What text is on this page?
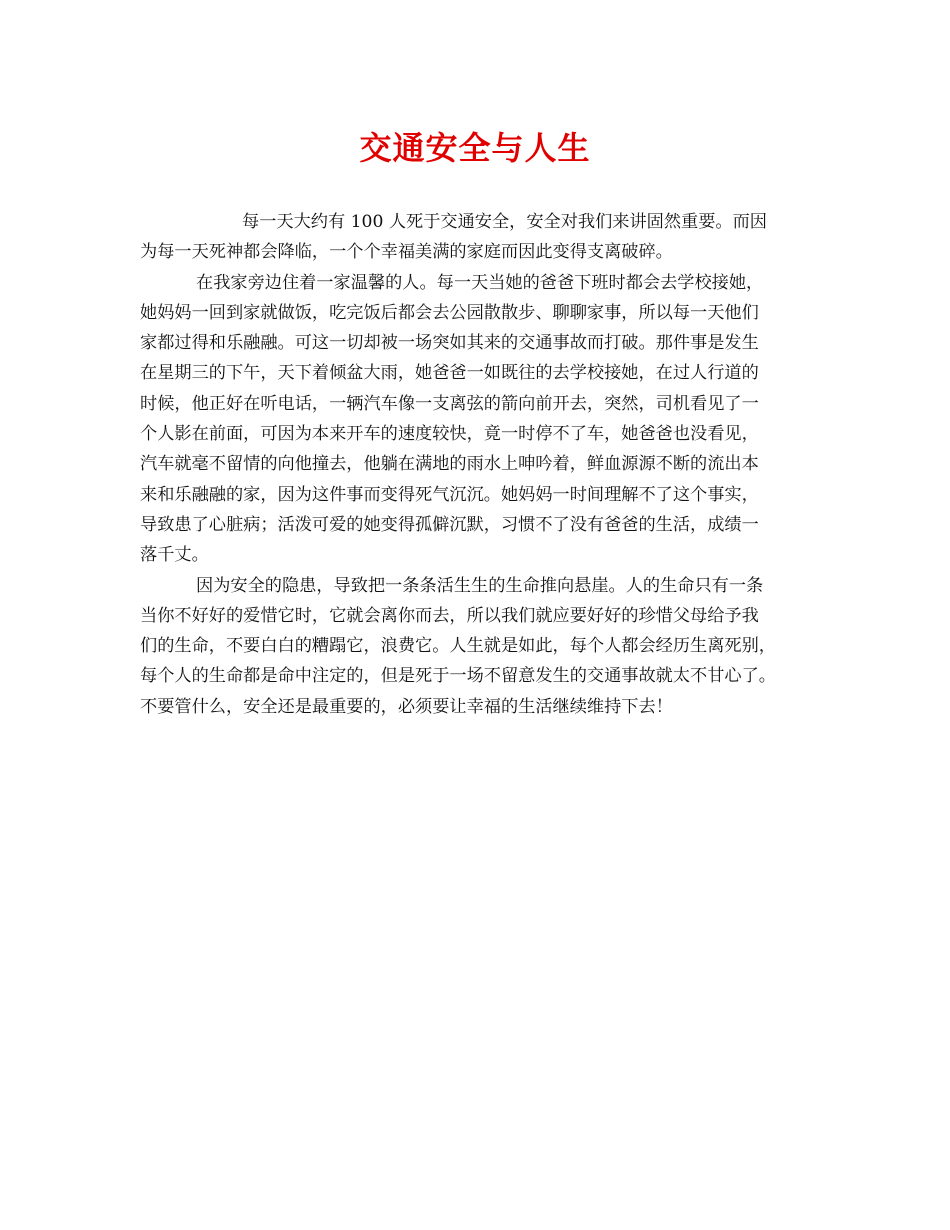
交通安全与人生
每一天大约有 100 人死于交通安全，安全对我们来讲固然重要。而因
为每一天死神都会降临，一个个幸福美满的家庭而因此变得支离破碎。
在我家旁边住着一家温馨的人。每一天当她的爸爸下班时都会去学校接她，
她妈妈一回到家就做饭，吃完饭后都会去公园散散步、聊聊家事，所以每一天他们
家都过得和乐融融。可这一切却被一场突如其来的交通事故而打破。那件事是发生
在星期三的下午，天下着倾盆大雨，她爸爸一如既往的去学校接她，在过人行道的
时候，他正好在听电话，一辆汽车像一支离弦的箭向前开去，突然，司机看见了一
个人影在前面，可因为本来开车的速度较快，竟一时停不了车，她爸爸也没看见，
汽车就毫不留情的向他撞去，他躺在满地的雨水上呻吟着，鲜血源源不断的流出本
来和乐融融的家，因为这件事而变得死气沉沉。她妈妈一时间理解不了这个事实，
导致患了心脏病；活泼可爱的她变得孤僻沉默，习惯不了没有爸爸的生活，成绩一
落千丈。
因为安全的隐患，导致把一条条活生生的生命推向悬崖。人的生命只有一条
当你不好好的爱惜它时，它就会离你而去，所以我们就应要好好的珍惜父母给予我
们的生命，不要白白的糟蹋它，浪费它。人生就是如此，每个人都会经历生离死别，
每个人的生命都是命中注定的，但是死于一场不留意发生的交通事故就太不甘心了。
不要管什么，安全还是最重要的，必须要让幸福的生活继续维持下去！
